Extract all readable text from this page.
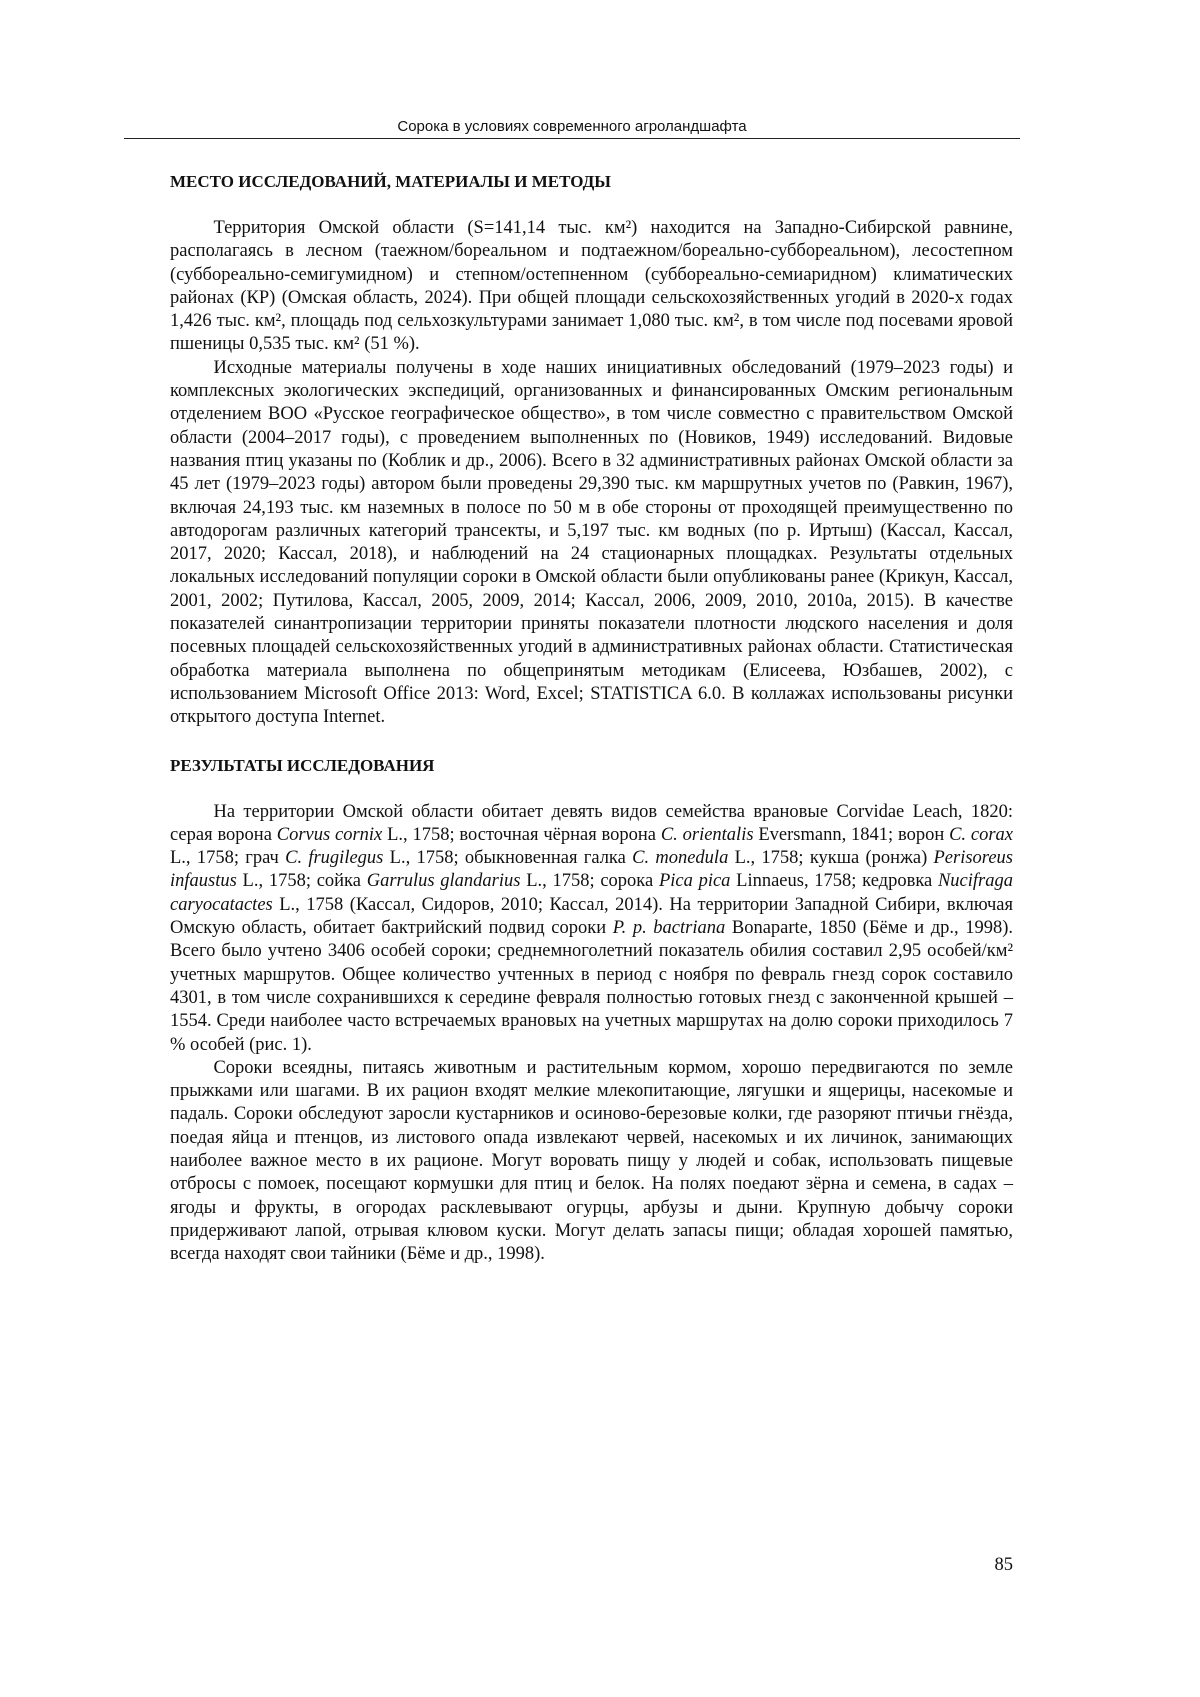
Сорока в условиях современного агроландшафта
МЕСТО ИССЛЕДОВАНИЙ, МАТЕРИАЛЫ И МЕТОДЫ

Территория Омской области (S=141,14 тыс. км²) находится на Западно-Сибирской равнине, располагаясь в лесном (таежном/бореальном и подтаежном/бореально-суббореальном), лесостепном (суббореально-семигумидном) и степном/остепненном (суббореально-семиаридном) климатических районах (КР) (Омская область, 2024). При общей площади сельскохозяйственных угодий в 2020-х годах 1,426 тыс. км², площадь под сельхозкультурами занимает 1,080 тыс. км², в том числе под посевами яровой пшеницы 0,535 тыс. км² (51 %).

Исходные материалы получены в ходе наших инициативных обследований (1979–2023 годы) и комплексных экологических экспедиций, организованных и финансированных Омским региональным отделением ВОО «Русское географическое общество», в том числе совместно с правительством Омской области (2004–2017 годы), с проведением выполненных по (Новиков, 1949) исследований. Видовые названия птиц указаны по (Коблик и др., 2006). Всего в 32 административных районах Омской области за 45 лет (1979–2023 годы) автором были проведены 29,390 тыс. км маршрутных учетов по (Равкин, 1967), включая 24,193 тыс. км наземных в полосе по 50 м в обе стороны от проходящей преимущественно по автодорогам различных категорий трансекты, и 5,197 тыс. км водных (по р. Иртыш) (Кассал, Кассал, 2017, 2020; Кассал, 2018), и наблюдений на 24 стационарных площадках. Результаты отдельных локальных исследований популяции сороки в Омской области были опубликованы ранее (Крикун, Кассал, 2001, 2002; Путилова, Кассал, 2005, 2009, 2014; Кассал, 2006, 2009, 2010, 2010а, 2015). В качестве показателей синантропизации территории приняты показатели плотности людского населения и доля посевных площадей сельскохозяйственных угодий в административных районах области. Статистическая обработка материала выполнена по общепринятым методикам (Елисеева, Юзбашев, 2002), с использованием Microsoft Office 2013: Word, Excel; STATISTICA 6.0. В коллажах использованы рисунки открытого доступа Internet.

РЕЗУЛЬТАТЫ ИССЛЕДОВАНИЯ

На территории Омской области обитает девять видов семейства врановые Corvidae Leach, 1820: серая ворона Corvus cornix L., 1758; восточная чёрная ворона C. orientalis Eversmann, 1841; ворон C. corax L., 1758; грач C. frugilegus L., 1758; обыкновенная галка C. monedula L., 1758; кукша (ронжа) Perisoreus infaustus L., 1758; сойка Garrulus glandarius L., 1758; сорока Pica pica Linnaeus, 1758; кедровка Nucifraga caryocatactes L., 1758 (Кассал, Сидоров, 2010; Кассал, 2014). На территории Западной Сибири, включая Омскую область, обитает бактрийский подвид сороки P. p. bactriana Bonaparte, 1850 (Бёме и др., 1998). Всего было учтено 3406 особей сороки; среднемноголетний показатель обилия составил 2,95 особей/км² учетных маршрутов. Общее количество учтенных в период с ноября по февраль гнезд сорок составило 4301, в том числе сохранившихся к середине февраля полностью готовых гнезд с законченной крышей – 1554. Среди наиболее часто встречаемых врановых на учетных маршрутах на долю сороки приходилось 7 % особей (рис. 1).

Сороки всеядны, питаясь животным и растительным кормом, хорошо передвигаются по земле прыжками или шагами. В их рацион входят мелкие млекопитающие, лягушки и ящерицы, насекомые и падаль. Сороки обследуют заросли кустарников и осиново-березовые колки, где разоряют птичьи гнёзда, поедая яйца и птенцов, из листового опада извлекают червей, насекомых и их личинок, занимающих наиболее важное место в их рационе. Могут воровать пищу у людей и собак, использовать пищевые отбросы с помоек, посещают кормушки для птиц и белок. На полях поедают зёрна и семена, в садах – ягоды и фрукты, в огородах расклевывают огурцы, арбузы и дыни. Крупную добычу сороки придерживают лапой, отрывая клювом куски. Могут делать запасы пищи; обладая хорошей памятью, всегда находят свои тайники (Бёме и др., 1998).

85
